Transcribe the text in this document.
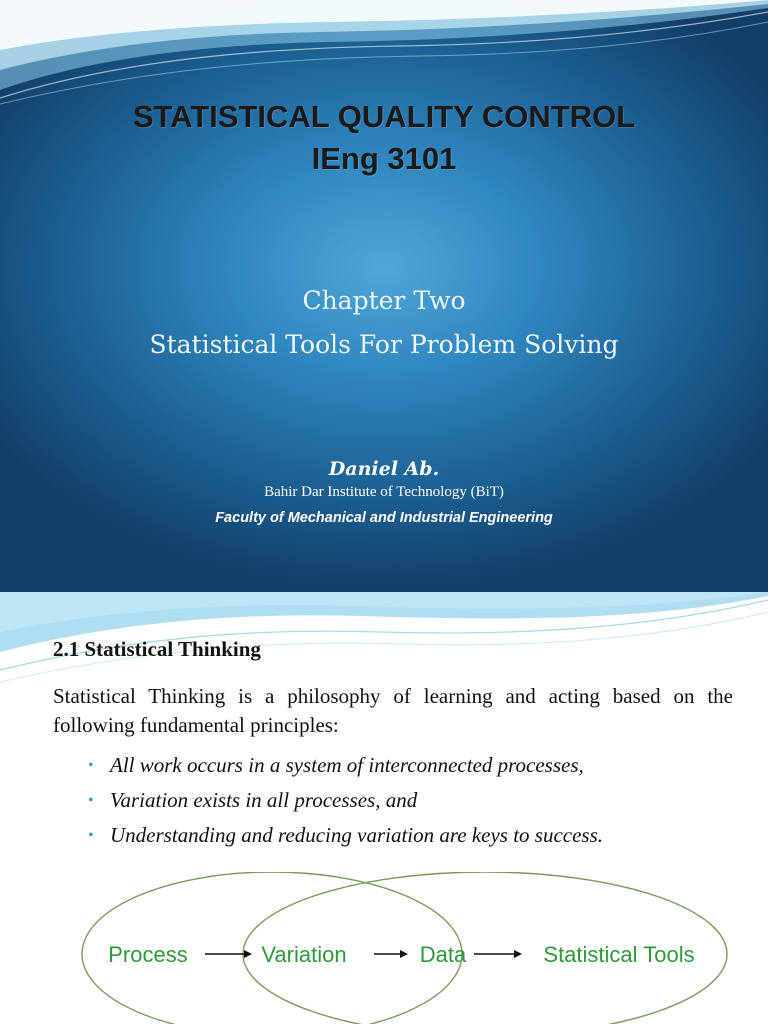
STATISTICAL QUALITY CONTROL
IEng 3101
Chapter Two
Statistical Tools For Problem Solving
Daniel Ab.
Bahir Dar Institute of Technology (BiT)
Faculty of Mechanical and Industrial Engineering
2.1 Statistical Thinking
Statistical Thinking is a philosophy of learning and acting based on the following fundamental principles:
• All work occurs in a system of interconnected processes,
• Variation exists in all processes, and
• Understanding and reducing variation are keys to success.
Process	Variation	Data	Statistical Tools
